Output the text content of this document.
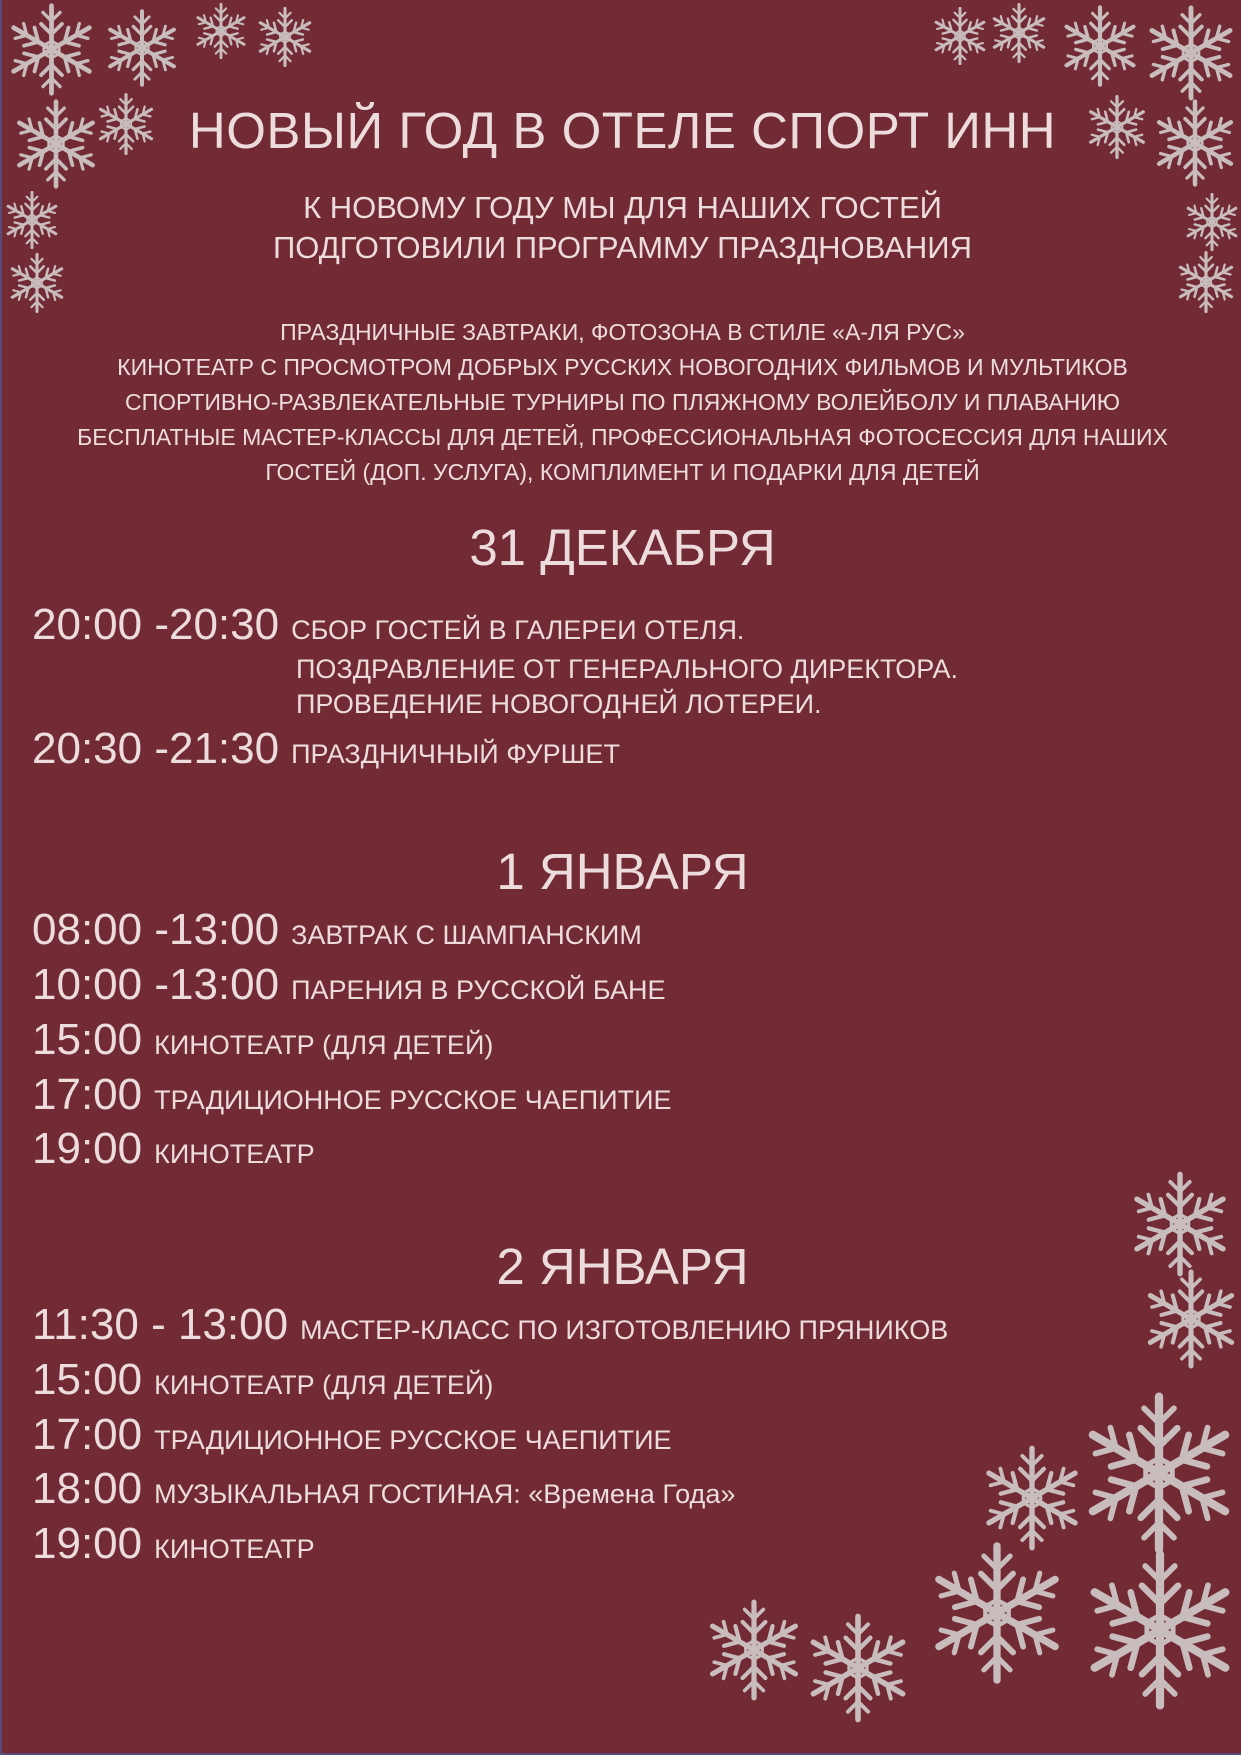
НОВЫЙ ГОД В ОТЕЛЕ СПОРТ ИНН
К НОВОМУ ГОДУ МЫ ДЛЯ НАШИХ ГОСТЕЙ
ПОДГОТОВИЛИ ПРОГРАММУ ПРАЗДНОВАНИЯ
ПРАЗДНИЧНЫЕ ЗАВТРАКИ, ФОТОЗОНА В СТИЛЕ «А-ЛЯ РУС»
КИНОТЕАТР С ПРОСМОТРОМ ДОБРЫХ РУССКИХ НОВОГОДНИХ ФИЛЬМОВ И МУЛЬТИКОВ
СПОРТИВНО-РАЗВЛЕКАТЕЛЬНЫЕ ТУРНИРЫ ПО ПЛЯЖНОМУ ВОЛЕЙБОЛУ И ПЛАВАНИЮ
БЕСПЛАТНЫЕ МАСТЕР-КЛАССЫ ДЛЯ ДЕТЕЙ, ПРОФЕССИОНАЛЬНАЯ ФОТОСЕССИЯ ДЛЯ НАШИХ
ГОСТЕЙ (ДОП. УСЛУГА), КОМПЛИМЕНТ И ПОДАРКИ ДЛЯ ДЕТЕЙ
31 ДЕКАБРЯ
20:00 -20:30 СБОР ГОСТЕЙ В ГАЛЕРЕИ ОТЕЛЯ.
ПОЗДРАВЛЕНИЕ ОТ ГЕНЕРАЛЬНОГО ДИРЕКТОРА.
ПРОВЕДЕНИЕ НОВОГОДНЕЙ ЛОТЕРЕИ.
20:30 -21:30 ПРАЗДНИЧНЫЙ ФУРШЕТ
1 ЯНВАРЯ
08:00 -13:00 ЗАВТРАК С ШАМПАНСКИМ
10:00 -13:00 ПАРЕНИЯ В РУССКОЙ БАНЕ
15:00 КИНОТЕАТР (ДЛЯ ДЕТЕЙ)
17:00 ТРАДИЦИОННОЕ РУССКОЕ ЧАЕПИТИЕ
19:00 КИНОТЕАТР
2 ЯНВАРЯ
11:30 - 13:00 МАСТЕР-КЛАСС ПО ИЗГОТОВЛЕНИЮ ПРЯНИКОВ
15:00 КИНОТЕАТР (ДЛЯ ДЕТЕЙ)
17:00 ТРАДИЦИОННОЕ РУССКОЕ ЧАЕПИТИЕ
18:00 МУЗЫКАЛЬНАЯ ГОСТИНАЯ: «Времена Года»
19:00 КИНОТЕАТР
